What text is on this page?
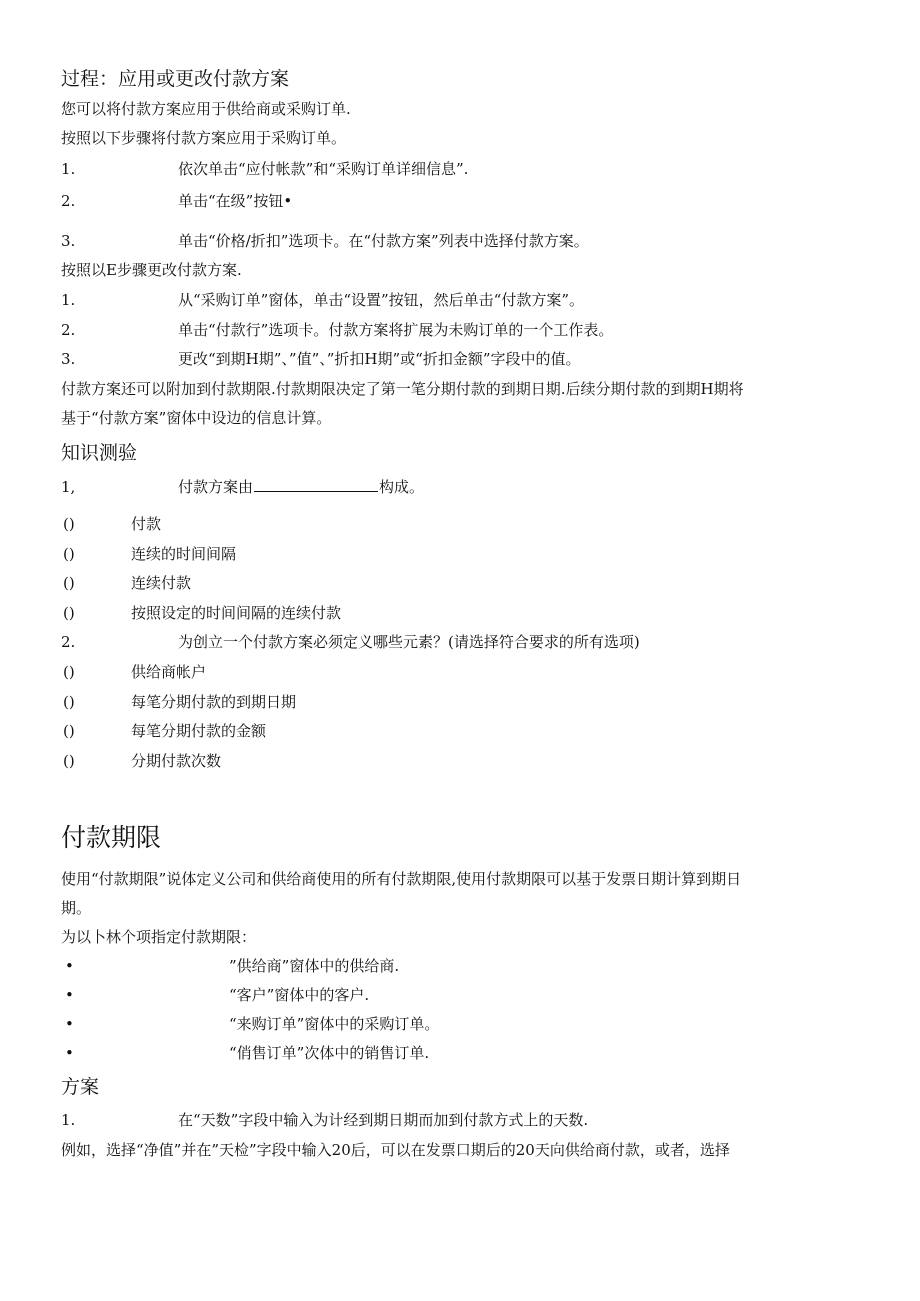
过程：应用或更改付款方案
您可以将付款方案应用于供给商或采购订单.
按照以下步骤将付款方案应用于采购订单。
1.	依次单击“应付帐款”和“采购订单详细信息”.
2.	单击“在级”按钮•
3.	单击“价格/折扣”选项卡。在“付款方案”列表中选择付款方案。
按照以E步骤更改付款方案.
1.	从“采购订单”窗体，单击“设置”按钮，然后单击“付款方案”。
2.	单击“付款行”选项卡。付款方案将扩展为未购订单的一个工作表。
3.	更改“到期H期”、”值”、”折扣H期”或“折扣金额”字段中的值。
付款方案还可以附加到付款期限.付款期限决定了第一笔分期付款的到期日期.后续分期付款的到期H期将
基于“付款方案”窗体中设边的信息计算。
知识测验
1,	付款方案由	构成。
()	付款
()	连续的时间间隔
()	连续付款
()	按照设定的时间间隔的连续付款
2.	为创立一个付款方案必须定义哪些元素？(请选择符合要求的所有选项)
()	供给商帐户
()	每笔分期付款的到期日期
()	每笔分期付款的金额
()	分期付款次数
付款期限
使用“付款期限”说体定义公司和供给商使用的所有付款期限,使用付款期限可以基于发票日期计算到期日
期。
为以卜林个项指定付款期限：
•	”供给商”窗体中的供给商.
•	“客户”窗体中的客户.
•	“来购订单”窗体中的采购订单。
•	“俏售订单”次体中的销售订单.
方案
1.	在“天数”字段中输入为计经到期日期而加到付款方式上的天数.
例如，选择“净值”并在”天检”字段中输入20后，可以在发票口期后的20天向供给商付款，或者，选择
